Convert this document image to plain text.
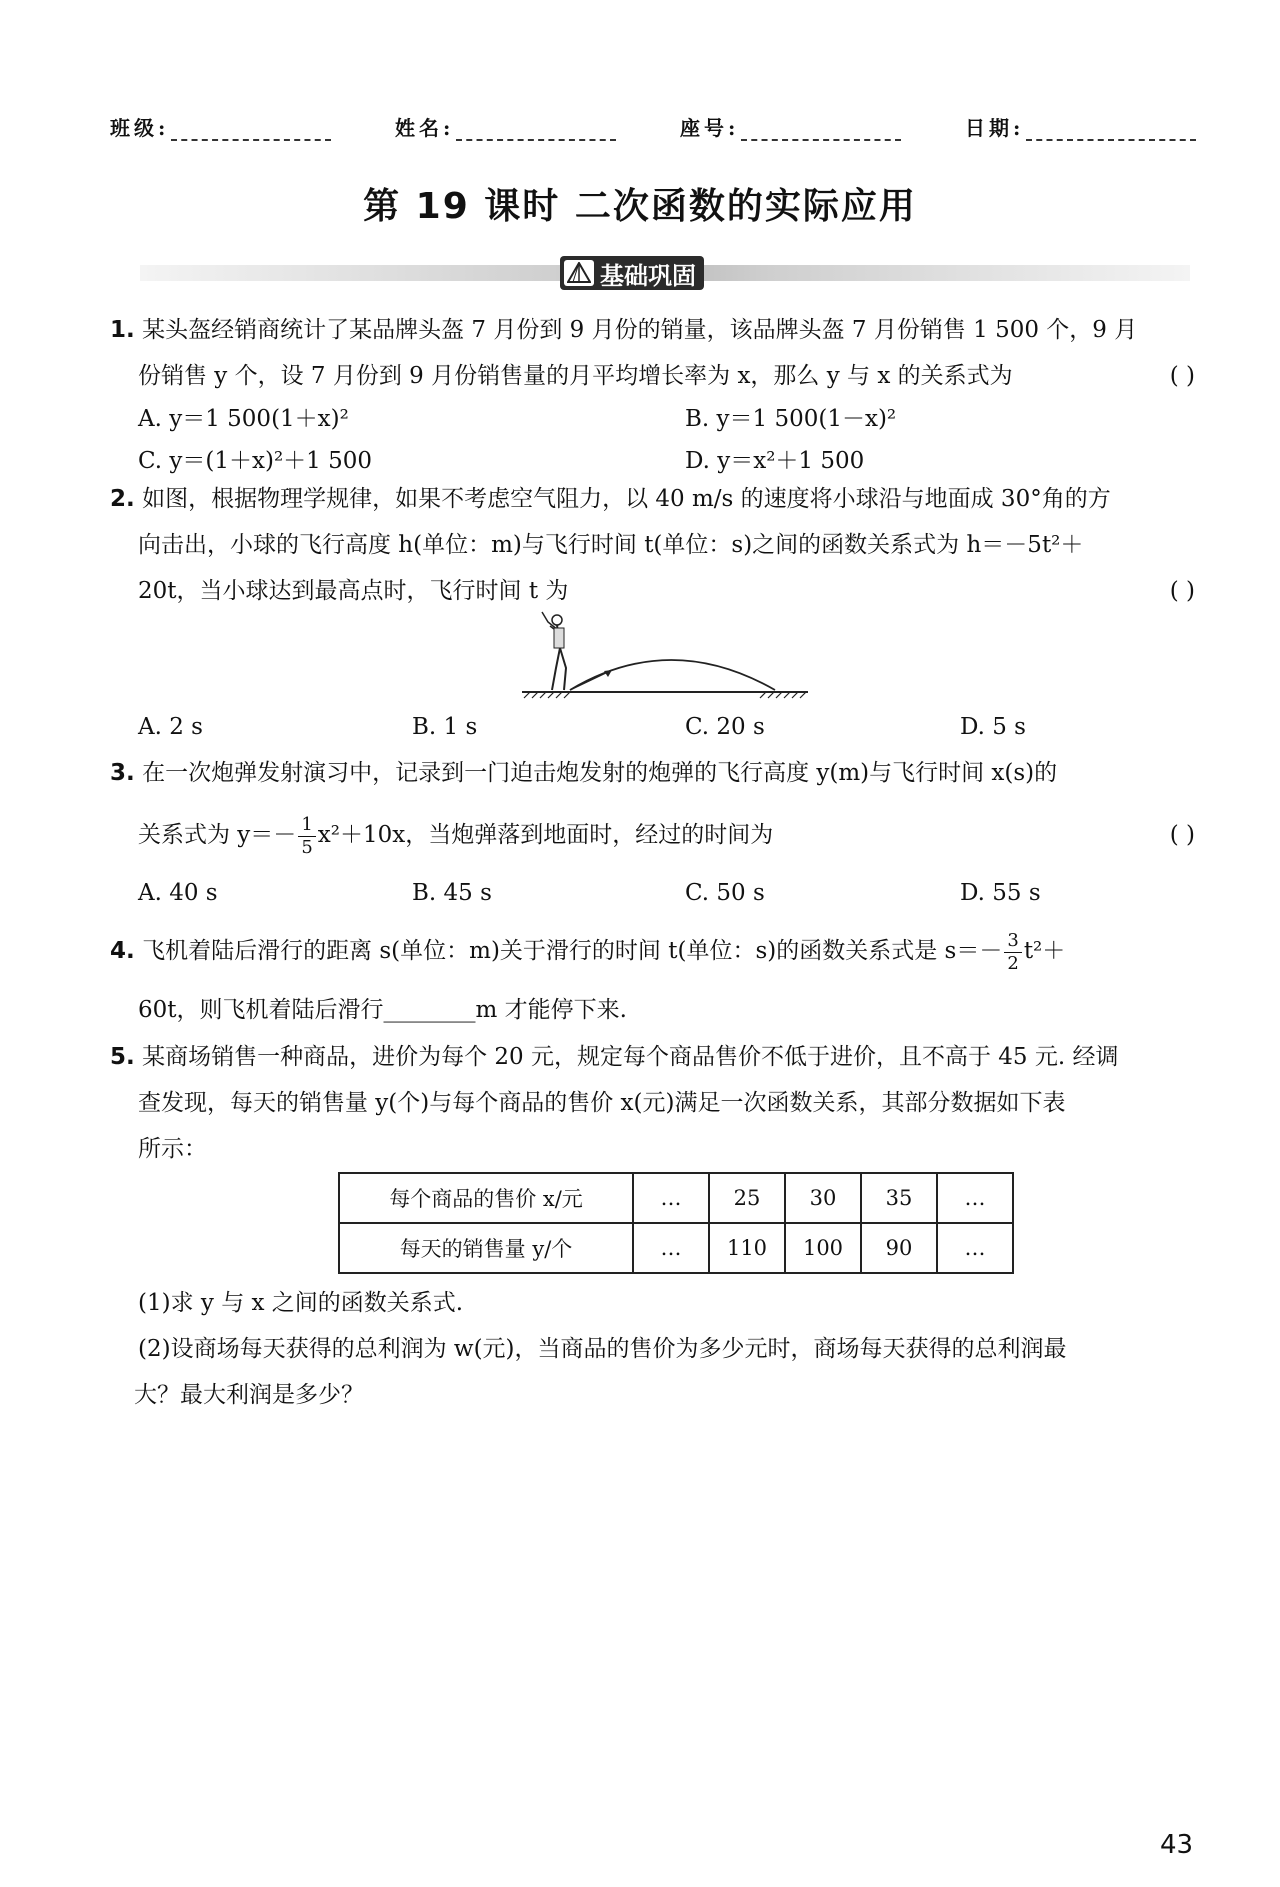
班级:	姓名:	座号:	日期:
第 19 课时 二次函数的实际应用
基础巩固
1. 某头盔经销商统计了某品牌头盔 7 月份到 9 月份的销量，该品牌头盔 7 月份销售 1 500 个，9 月
份销售 y 个，设 7 月份到 9 月份销售量的月平均增长率为 x，那么 y 与 x 的关系式为	( )
A. y＝1 500(1＋x)²	B. y＝1 500(1－x)²
C. y＝(1＋x)²＋1 500	D. y＝x²＋1 500
2. 如图，根据物理学规律，如果不考虑空气阻力，以 40 m/s 的速度将小球沿与地面成 30°角的方
向击出，小球的飞行高度 h(单位：m)与飞行时间 t(单位：s)之间的函数关系式为 h＝－5t²＋
20t，当小球达到最高点时，飞行时间 t 为	( )
A. 2 s	B. 1 s	C. 20 s	D. 5 s
3. 在一次炮弹发射演习中，记录到一门迫击炮发射的炮弹的飞行高度 y(m)与飞行时间 x(s)的
关系式为 $y=- \frac{1}{5} x^2+10x$，当炮弹落到地面时，经过的时间为	( )
A. 40 s	B. 45 s	C. 50 s	D. 55 s
4. 飞机着陆后滑行的距离 s(单位：m)关于滑行的时间 t(单位：s)的函数关系式是 $s=- \frac{3}{2} t^2+$
60t，则飞机着陆后滑行________m 才能停下来.
5. 某商场销售一种商品，进价为每个 20 元，规定每个商品售价不低于进价，且不高于 45 元. 经调
查发现，每天的销售量 y(个)与每个商品的售价 x(元)满足一次函数关系，其部分数据如下表
所示：
每个商品的售价 x/元	…	25	30	35	…
每天的销售量 y/个	…	110	100	90	…
(1)求 y 与 x 之间的函数关系式.
(2)设商场每天获得的总利润为 w(元)，当商品的售价为多少元时，商场每天获得的总利润最
大？最大利润是多少？
43
